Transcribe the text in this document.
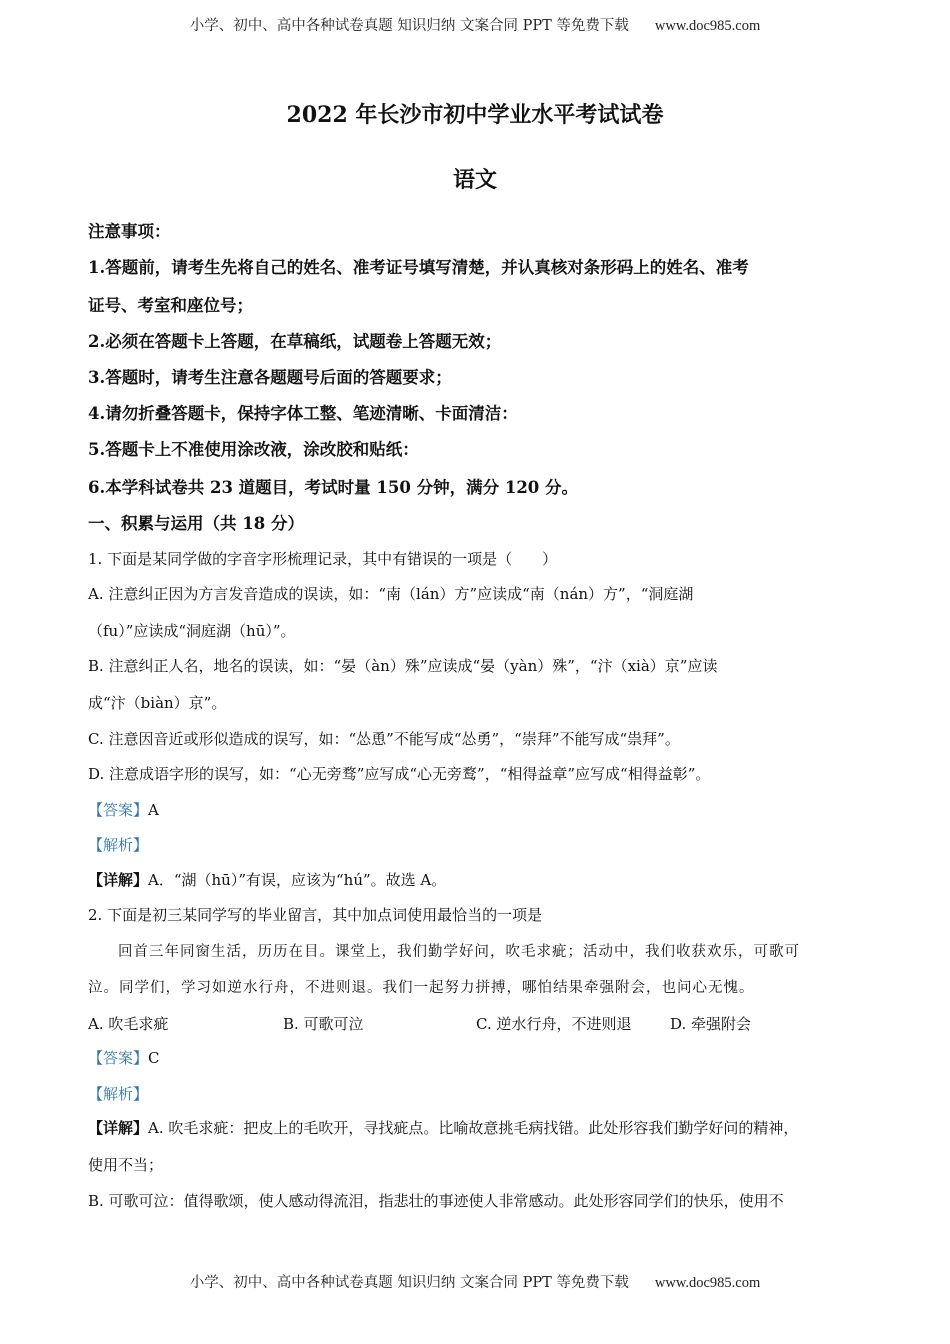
小学、初中、高中各种试卷真题 知识归纳 文案合同 PPT 等免费下载 www.doc985.com
2022 年长沙市初中学业水平考试试卷
语文
注意事项：
1.答题前，请考生先将自己的姓名、准考证号填写清楚，并认真核对条形码上的姓名、准考
证号、考室和座位号；
2.必须在答题卡上答题，在草稿纸，试题卷上答题无效；
3.答题时，请考生注意各题题号后面的答题要求；
4.请勿折叠答题卡，保持字体工整、笔迹清晰、卡面清洁：
5.答题卡上不准使用涂改液，涂改胶和贴纸：
6.本学科试卷共 23 道题目，考试时量 150 分钟，满分 120 分。
一、积累与运用（共 18 分）
1. 下面是某同学做的字音字形梳理记录，其中有错误的一项是（　　）
A. 注意纠正因为方言发音造成的误读，如：“南（lán）方”应读成“南（nán）方”，“洞庭湖
（fu）”应读成“洞庭湖（hū）”。
B. 注意纠正人名，地名的误读，如：“晏（àn）殊”应读成“晏（yàn）殊”，“汴（xià）京”应读
成“汴（biàn）京”。
C. 注意因音近或形似造成的误写，如：“怂恿”不能写成“怂勇”，“崇拜”不能写成“祟拜”。
D. 注意成语字形的误写，如：“心无旁骛”应写成“心无旁鹜”，“相得益章”应写成“相得益彰”。
【答案】A
【解析】
【详解】A．“湖（hū）”有误，应该为“hú”。故选 A。
2. 下面是初三某同学写的毕业留言，其中加点词使用最恰当的一项是
回首三年同窗生活，历历在目。课堂上，我们勤学好问，吹毛求疵；活动中，我们收获欢乐，可歌可
泣。同学们，学习如逆水行舟，不进则退。我们一起努力拼搏，哪怕结果牵强附会，也问心无愧。
A. 吹毛求疵	B. 可歌可泣	C. 逆水行舟，不进则退	D. 牵强附会
【答案】C
【解析】
【详解】A. 吹毛求疵：把皮上的毛吹开，寻找疵点。比喻故意挑毛病找错。此处形容我们勤学好问的精神，
使用不当；
B. 可歌可泣：值得歌颂，使人感动得流泪，指悲壮的事迹使人非常感动。此处形容同学们的快乐，使用不
小学、初中、高中各种试卷真题 知识归纳 文案合同 PPT 等免费下载 www.doc985.com
